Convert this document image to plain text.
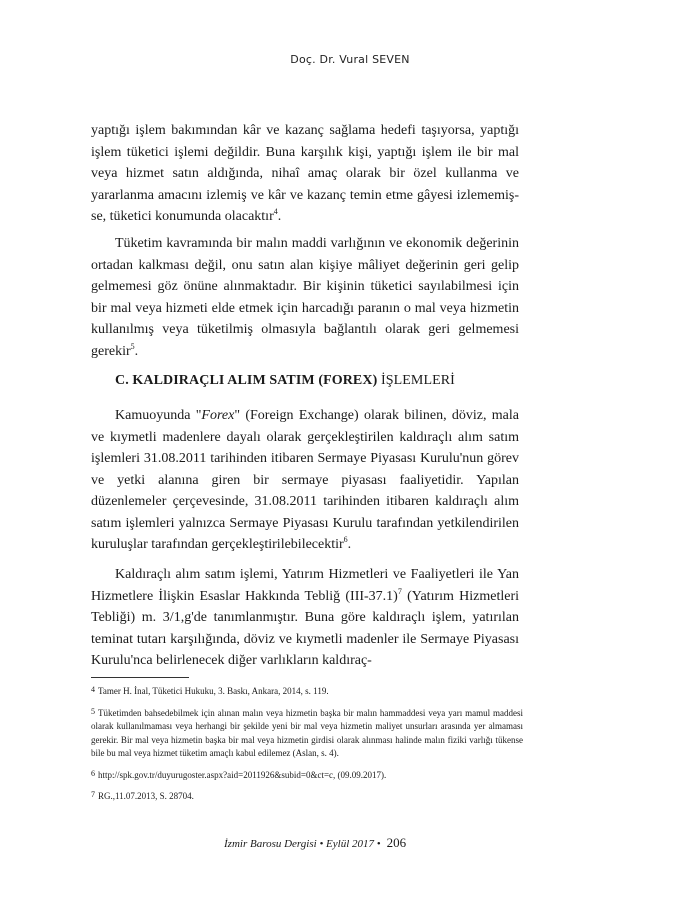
Doç. Dr. Vural SEVEN

yaptığı işlem bakımından kâr ve kazanç sağlama hedefi taşıyorsa, yaptığı işlem tüketici işlemi değildir. Buna karşılık kişi, yaptığı işlem ile bir mal veya hizmet satın aldığında, nihaî amaç olarak bir özel kullanma ve yararlanma amacını izlemiş ve kâr ve kazanç temin etme gâyesi izlememiş-se, tüketici konumunda olacaktır$^4$.

Tüketim kavramında bir malın maddi varlığının ve ekonomik değerinin ortadan kalkması değil, onu satın alan kişiye mâliyet değerinin geri gelip gelmemesi göz önüne alınmaktadır. Bir kişinin tüketici sayılabilmesi için bir mal veya hizmeti elde etmek için harcadığı paranın o mal veya hizmetin kullanılmış veya tüketilmiş olmasıyla bağlantılı olarak geri gelmemesi gerekir$^5$.

C. KALDIRAÇLI ALIM SATIM (FOREX) İŞLEMLERİ

Kamuoyunda "Forex" (Foreign Exchange) olarak bilinen, döviz, mala ve kıymetli madenlere dayalı olarak gerçekleştirilen kaldıraçlı alım satım işlemleri 31.08.2011 tarihinden itibaren Sermaye Piyasası Kurulu'nun görev ve yetki alanına giren bir sermaye piyasası faaliyetidir. Yapılan düzenlemeler çerçevesinde, 31.08.2011 tarihinden itibaren kaldıraçlı alım satım işlemleri yalnızca Sermaye Piyasası Kurulu tarafından yetkilendirilen kuruluşlar tarafından gerçekleştirilebilecektir$^6$.

Kaldıraçlı alım satım işlemi, Yatırım Hizmetleri ve Faaliyetleri ile Yan Hizmetlere İlişkin Esaslar Hakkında Tebliğ $(III-37.1)^7$ (Yatırım Hizmetleri Tebliği) m. 3/1,g'de tanımlanmıştır. Buna göre kaldıraçlı işlem, yatırılan teminat tutarı karşılığında, döviz ve kıymetli madenler ile Sermaye Piyasası Kurulu'nca belirlenecek diğer varlıkların kaldıraç-

4 Tamer H. İnal, Tüketici Hukuku, 3. Baskı, Ankara, 2014, s. 119.
5 Tüketimden bahsedebilmek için alınan malın veya hizmetin başka bir malın hammaddesi veya yarı mamul maddesi olarak kullanılmaması veya herhangi bir şekilde yeni bir mal veya hizmetin maliyet unsurları arasında yer almaması gerekir. Bir mal veya hizmetin başka bir mal veya hizmetin girdisi olarak alınması halinde malın fiziki varlığı tükense bile bu mal veya hizmet tüketim amaçlı kabul edilemez (Aslan, s. 4).
6 http://spk.gov.tr/duyurugoster.aspx?aid=2011926&subid=0&ct=c, (09.09.2017).
7 RG.,11.07.2013, S. 28704.
İzmir Barosu Dergisi • Eylül 2017 • 206
